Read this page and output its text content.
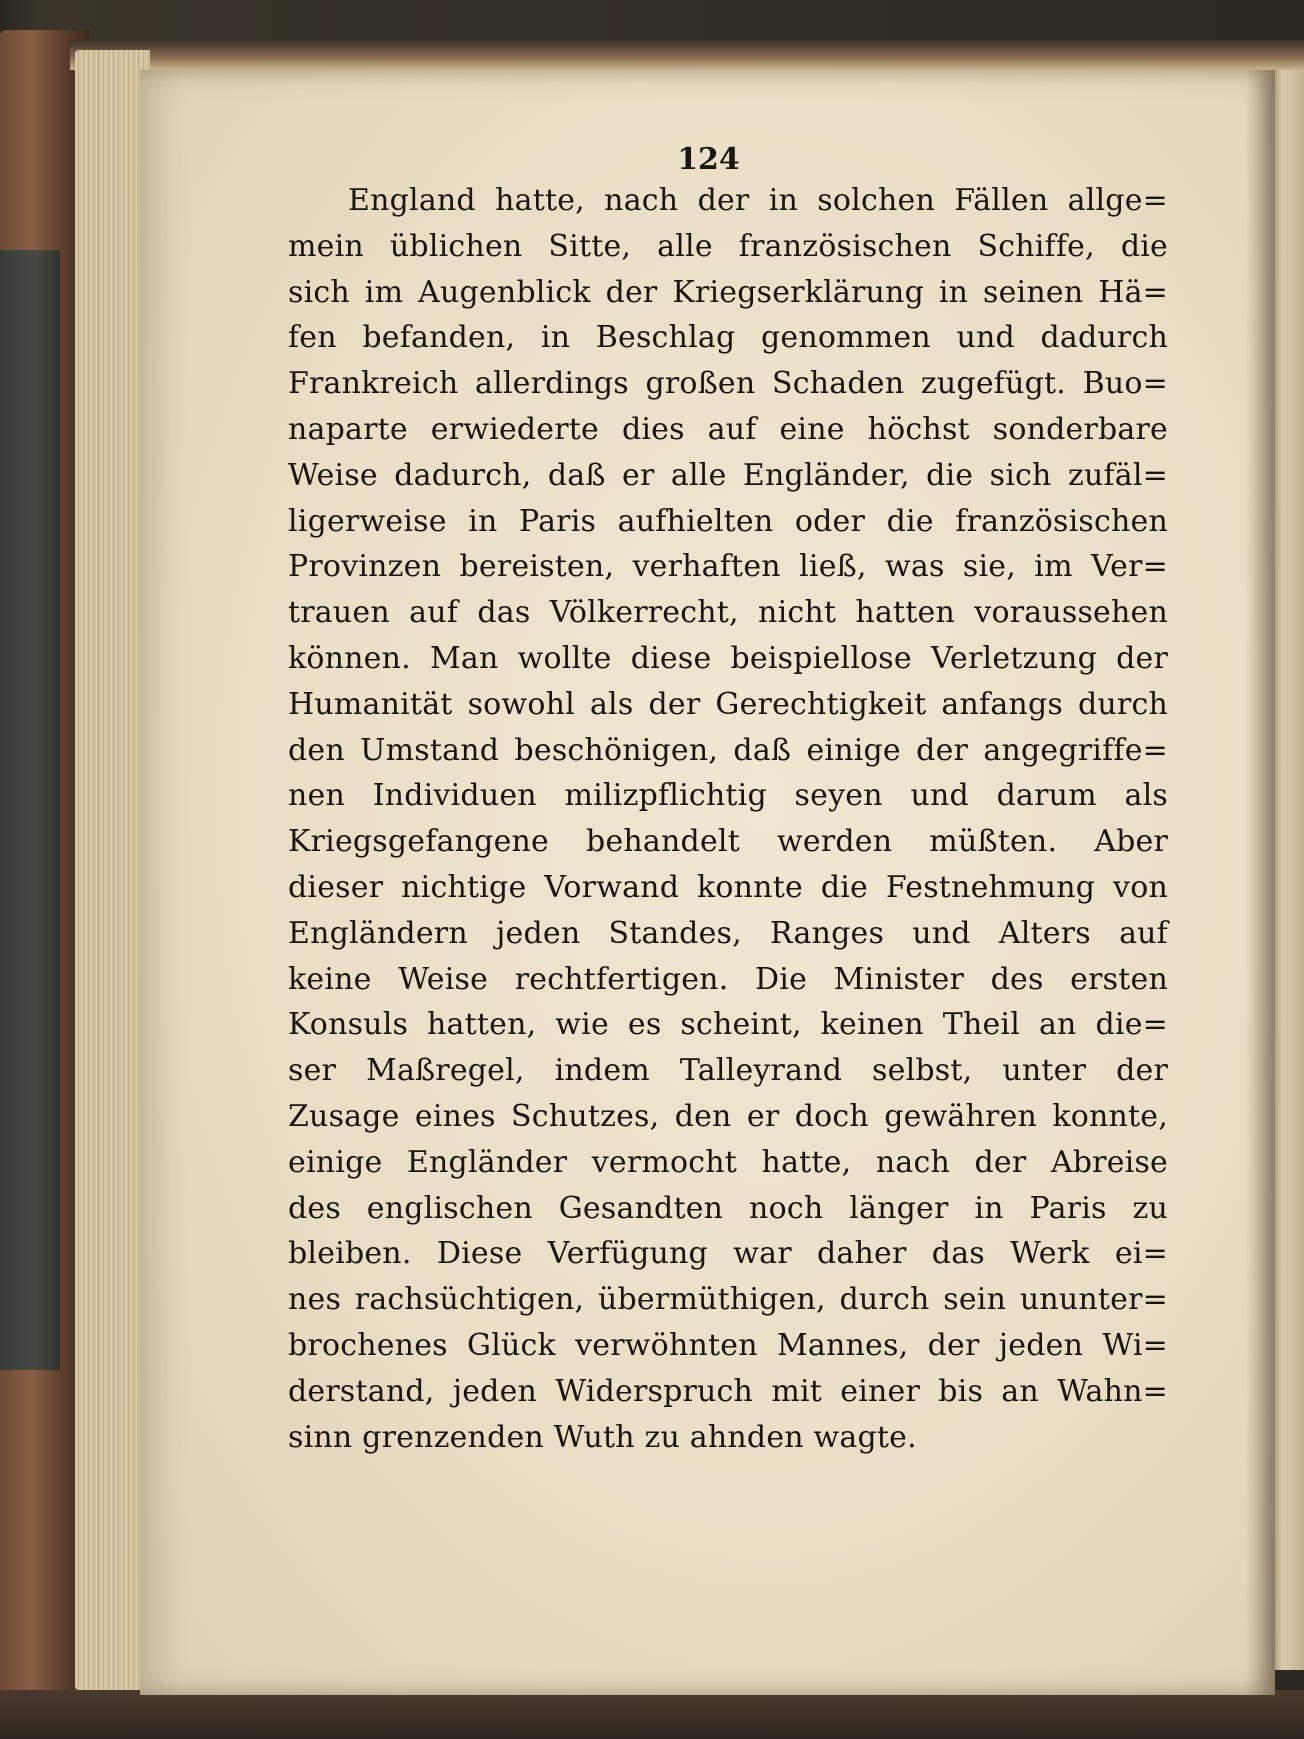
124
England hatte, nach der in solchen Fällen allge=
mein üblichen Sitte, alle französischen Schiffe, die
sich im Augenblick der Kriegserklärung in seinen Hä=
fen befanden, in Beschlag genommen und dadurch
Frankreich allerdings großen Schaden zugefügt. Buo=
naparte erwiederte dies auf eine höchst sonderbare
Weise dadurch, daß er alle Engländer, die sich zufäl=
ligerweise in Paris aufhielten oder die französischen
Provinzen bereisten, verhaften ließ, was sie, im Ver=
trauen auf das Völkerrecht, nicht hatten voraussehen
können. Man wollte diese beispiellose Verletzung der
Humanität sowohl als der Gerechtigkeit anfangs durch
den Umstand beschönigen, daß einige der angegriffe=
nen Individuen milizpflichtig seyen und darum als
Kriegsgefangene behandelt werden müßten. Aber
dieser nichtige Vorwand konnte die Festnehmung von
Engländern jeden Standes, Ranges und Alters auf
keine Weise rechtfertigen. Die Minister des ersten
Konsuls hatten, wie es scheint, keinen Theil an die=
ser Maßregel, indem Talleyrand selbst, unter der
Zusage eines Schutzes, den er doch gewähren konnte,
einige Engländer vermocht hatte, nach der Abreise
des englischen Gesandten noch länger in Paris zu
bleiben. Diese Verfügung war daher das Werk ei=
nes rachsüchtigen, übermüthigen, durch sein ununter=
brochenes Glück verwöhnten Mannes, der jeden Wi=
derstand, jeden Widerspruch mit einer bis an Wahn=
sinn grenzenden Wuth zu ahnden wagte.
